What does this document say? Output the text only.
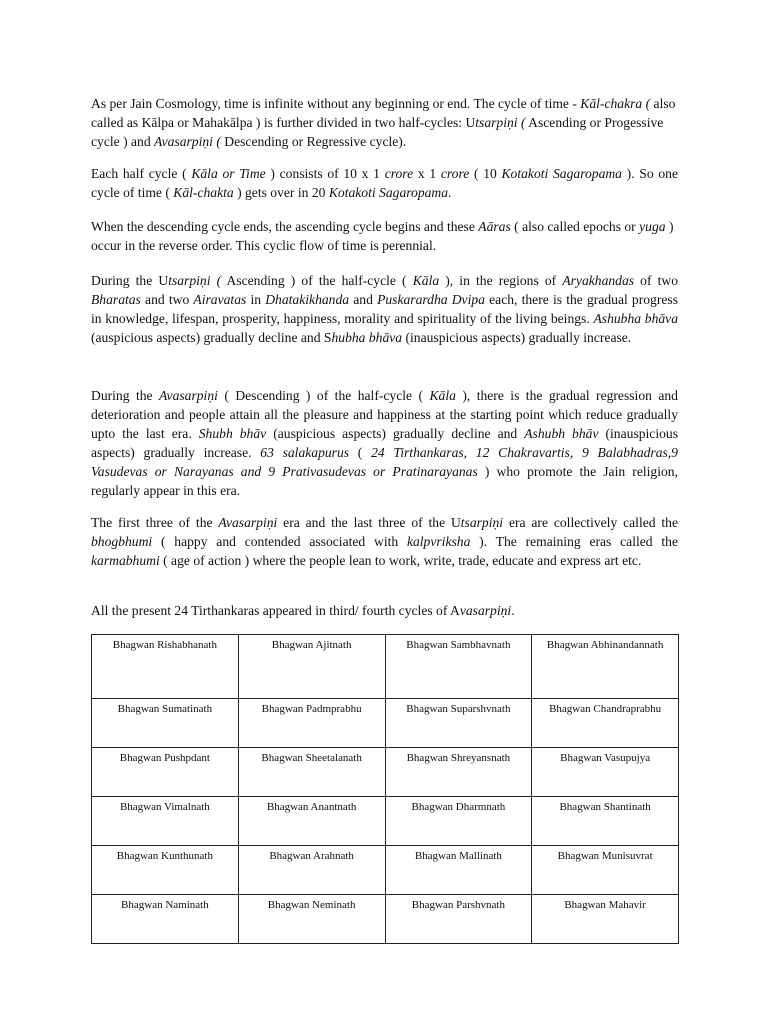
As per Jain Cosmology, time is infinite without any beginning or end. The cycle of time - Kāl-chakra ( also called as Kālpa or Mahakālpa ) is further divided in two half-cycles: Utsarpiṇi ( Ascending or Progessive cycle ) and Avasarpiṇi ( Descending or Regressive cycle).

Each half cycle ( Kāla or Time ) consists of 10 x 1 crore x 1 crore ( 10 Kotakoti Sagaropama ). So one cycle of time ( Kāl-chakta ) gets over in 20 Kotakoti Sagaropama.

When the descending cycle ends, the ascending cycle begins and these Aāras ( also called epochs or yuga ) occur in the reverse order. This cyclic flow of time is perennial.

During the Utsarpiṇi ( Ascending ) of the half-cycle ( Kāla ), in the regions of Aryakhandas of two Bharatas and two Airavatas in Dhatakikhanda and Puskarardha Dvipa each, there is the gradual progress in knowledge, lifespan, prosperity, happiness, morality and spirituality of the living beings. Ashubha bhāva (auspicious aspects) gradually decline and Shubha bhāva (inauspicious aspects) gradually increase.

During the Avasarpiṇi ( Descending ) of the half-cycle ( Kāla ), there is the gradual regression and deterioration and people attain all the pleasure and happiness at the starting point which reduce gradually upto the last era. Shubh bhāv (auspicious aspects) gradually decline and Ashubh bhāv (inauspicious aspects) gradually increase. 63 salakapurus ( 24 Tirthankaras, 12 Chakravartis, 9 Balabhadras,9 Vasudevas or Narayanas and 9 Prativasudevas or Pratinarayanas ) who promote the Jain religion, regularly appear in this era.

The first three of the Avasarpiṇi era and the last three of the Utsarpiṇi era are collectively called the bhogbhumi ( happy and contended associated with kalpvriksha ). The remaining eras called the karmabhumi ( age of action ) where the people lean to work, write, trade, educate and express art etc.

All the present 24 Tirthankaras appeared in third/ fourth cycles of Avasarpiṇi.

Bhagwan Rishabhanath	Bhagwan Ajitnath	Bhagwan Sambhavnath	Bhagwan Abhinandannath
Bhagwan Sumatinath	Bhagwan Padmprabhu	Bhagwan Suparshvnath	Bhagwan Chandraprabhu
Bhagwan Pushpdant	Bhagwan Sheetalanath	Bhagwan Shreyansnath	Bhagwan Vasupujya
Bhagwan Vimalnath	Bhagwan Anantnath	Bhagwan Dharmnath	Bhagwan Shantinath
Bhagwan Kunthunath	Bhagwan Arahnath	Bhagwan Mallinath	Bhagwan Munisuvrat
Bhagwan Naminath	Bhagwan Neminath	Bhagwan Parshvnath	Bhagwan Mahavir
